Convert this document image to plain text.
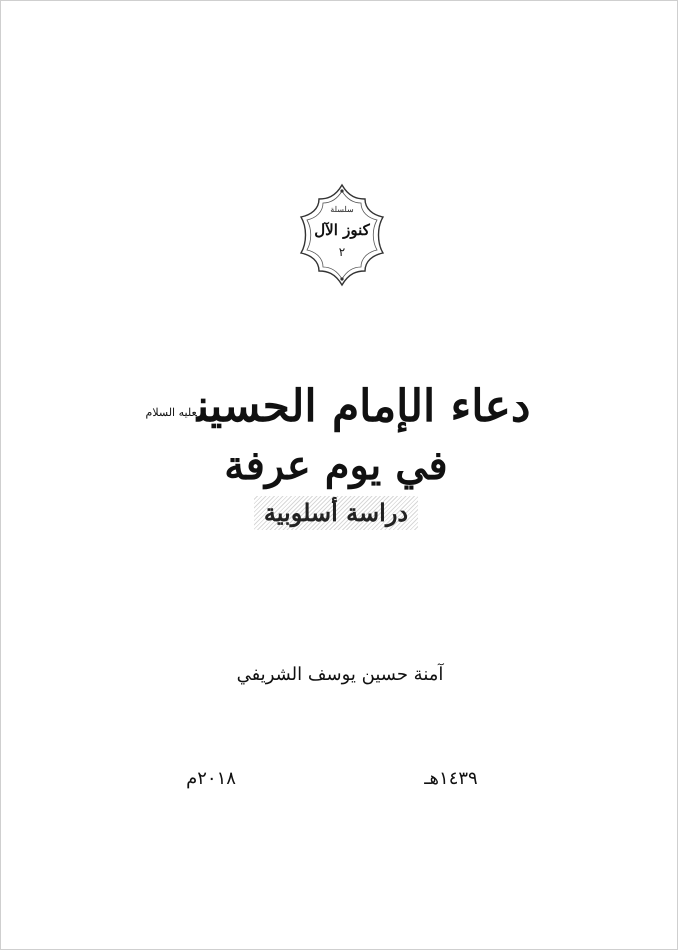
سلسلة
كنوز الآل
٢
دعاء الإمام الحسين$^{عليه السلام}$
في يوم عرفة
دراسة أسلوبية
آمنة حسين يوسف الشريفي
١٤٣٩هـ
٢٠١٨م
